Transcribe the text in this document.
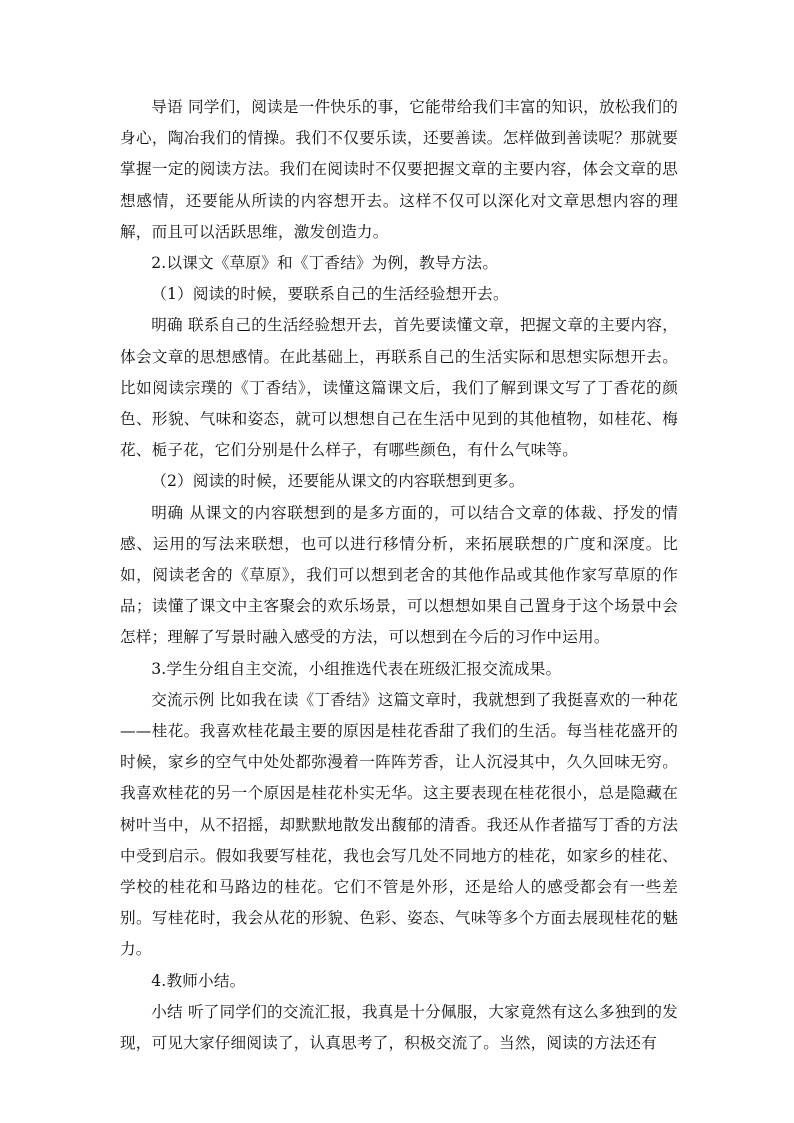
导语 同学们，阅读是一件快乐的事，它能带给我们丰富的知识，放松我们的身心，陶冶我们的情操。我们不仅要乐读，还要善读。怎样做到善读呢？那就要掌握一定的阅读方法。我们在阅读时不仅要把握文章的主要内容，体会文章的思想感情，还要能从所读的内容想开去。这样不仅可以深化对文章思想内容的理解，而且可以活跃思维，激发创造力。

2.以课文《草原》和《丁香结》为例，教导方法。

（1）阅读的时候，要联系自己的生活经验想开去。

明确 联系自己的生活经验想开去，首先要读懂文章，把握文章的主要内容，体会文章的思想感情。在此基础上，再联系自己的生活实际和思想实际想开去。比如阅读宗璞的《丁香结》，读懂这篇课文后，我们了解到课文写了丁香花的颜色、形貌、气味和姿态，就可以想想自己在生活中见到的其他植物，如桂花、梅花、栀子花，它们分别是什么样子，有哪些颜色，有什么气味等。

（2）阅读的时候，还要能从课文的内容联想到更多。

明确 从课文的内容联想到的是多方面的，可以结合文章的体裁、抒发的情感、运用的写法来联想，也可以进行移情分析，来拓展联想的广度和深度。比如，阅读老舍的《草原》，我们可以想到老舍的其他作品或其他作家写草原的作品；读懂了课文中主客聚会的欢乐场景，可以想想如果自己置身于这个场景中会怎样；理解了写景时融入感受的方法，可以想到在今后的习作中运用。

3.学生分组自主交流，小组推选代表在班级汇报交流成果。

交流示例 比如我在读《丁香结》这篇文章时，我就想到了我挺喜欢的一种花——桂花。我喜欢桂花最主要的原因是桂花香甜了我们的生活。每当桂花盛开的时候，家乡的空气中处处都弥漫着一阵阵芳香，让人沉浸其中，久久回味无穷。我喜欢桂花的另一个原因是桂花朴实无华。这主要表现在桂花很小，总是隐藏在树叶当中，从不招摇，却默默地散发出馥郁的清香。我还从作者描写丁香的方法中受到启示。假如我要写桂花，我也会写几处不同地方的桂花，如家乡的桂花、学校的桂花和马路边的桂花。它们不管是外形，还是给人的感受都会有一些差别。写桂花时，我会从花的形貌、色彩、姿态、气味等多个方面去展现桂花的魅力。

4.教师小结。

小结 听了同学们的交流汇报，我真是十分佩服，大家竟然有这么多独到的发现，可见大家仔细阅读了，认真思考了，积极交流了。当然，阅读的方法还有
